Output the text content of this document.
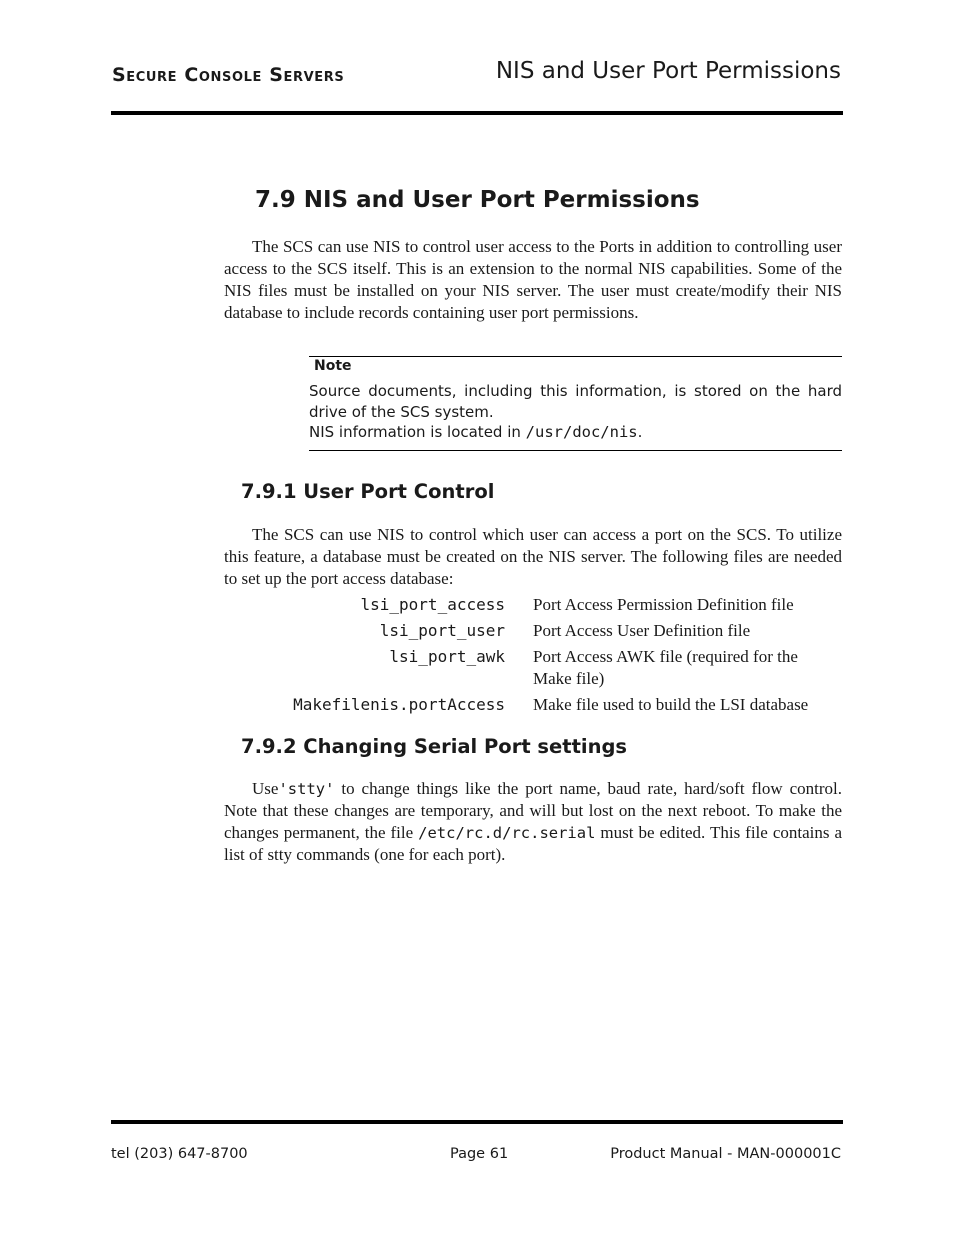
Secure Console Servers	NIS and User Port Permissions
7.9 NIS and User Port Permissions
The SCS can use NIS to control user access to the Ports in addition to controlling user access to the SCS itself. This is an extension to the normal NIS capabilities. Some of the NIS files must be installed on your NIS server. The user must create/modify their NIS database to include records containing user port permissions.
Note
Source documents, including this information, is stored on the hard drive of the SCS system.
NIS information is located in /usr/doc/nis.
7.9.1 User Port Control
The SCS can use NIS to control which user can access a port on the SCS. To utilize this feature, a database must be created on the NIS server. The following files are needed to set up the port access database:
lsi_port_access Port Access Permission Definition file
lsi_port_user Port Access User Definition file
lsi_port_awk Port Access AWK file (required for the Make file)
Makefilenis.portAccess Make file used to build the LSI database
7.9.2 Changing Serial Port settings
Use'stty' to change things like the port name, baud rate, hard/soft flow control. Note that these changes are temporary, and will but lost on the next reboot. To make the changes permanent, the file /etc/rc.d/rc.serial must be edited. This file contains a list of stty commands (one for each port).
tel (203) 647-8700	Page 61	Product Manual - MAN-000001C
